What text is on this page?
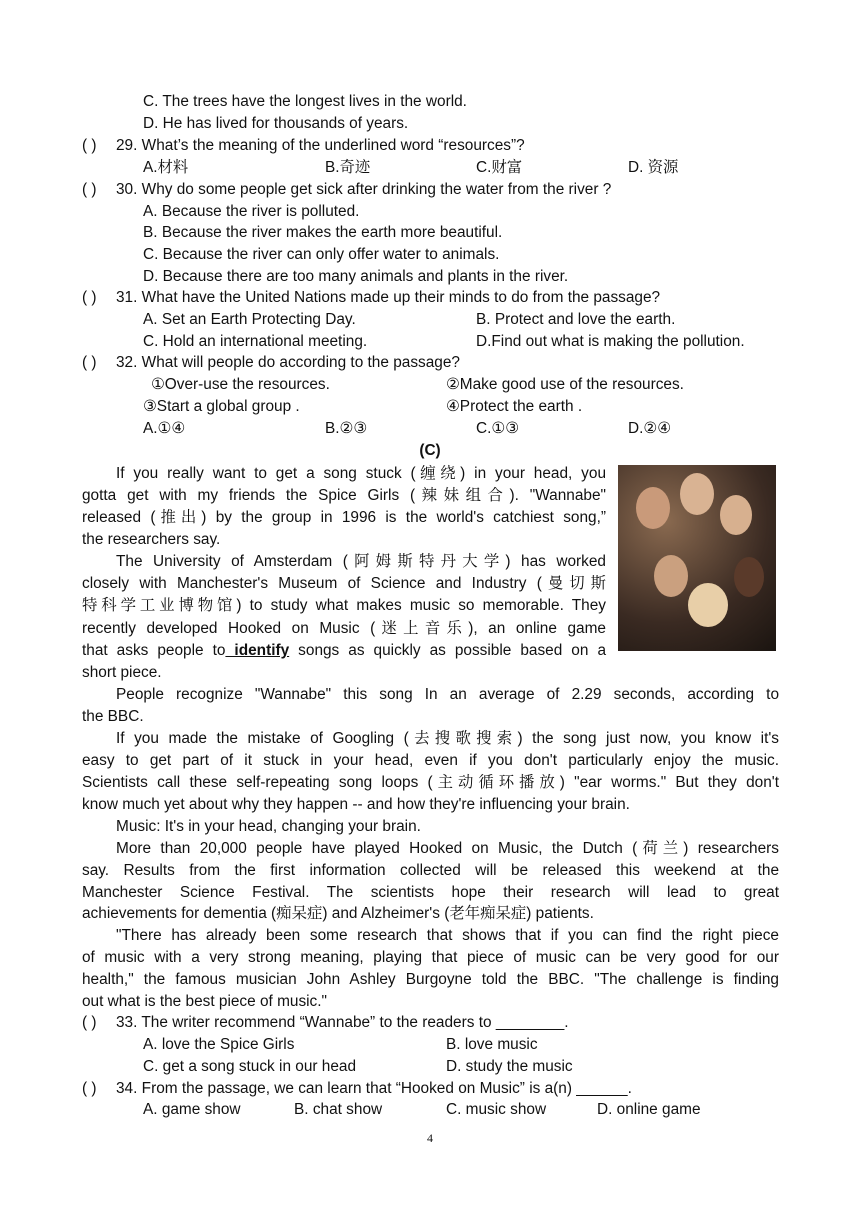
C. The trees have the longest lives in the world.
D. He has lived for thousands of years.
( ) 29. What’s the meaning of the underlined word “resources”?
A.材料	B.奇迹	C.财富	D. 资源
( ) 30. Why do some people get sick after drinking the water from the river ?
A. Because the river is polluted.
B. Because the river makes the earth more beautiful.
C. Because the river can only offer water to animals.
D. Because there are too many animals and plants in the river.
( ) 31. What have the United Nations made up their minds to do from the passage?
A. Set an Earth Protecting Day.	B. Protect and love the earth.
C. Hold an international meeting.	D.Find out what is making the pollution.
( ) 32. What will people do according to the passage?
①Over-use the resources.	②Make good use of the resources.
③Start a global group .	④Protect the earth .
A.①④	B.②③	C.①③	D.②④
(C)
If you really want to get a song stuck (缠绕) in your head, you
gotta get with my friends the Spice Girls (辣妹组合). "Wannabe"
released (推出) by the group in 1996 is the world's catchiest song,”
the researchers say.
The University of Amsterdam (阿姆斯特丹大学) has worked
closely with Manchester's Museum of Science and Industry (曼切斯
特科学工业博物馆) to study what makes music so memorable. They
recently developed Hooked on Music (迷上音乐), an online game
that asks people to identify songs as quickly as possible based on a
short piece.
People recognize "Wannabe" this song In an average of 2.29 seconds, according to
the BBC.
If you made the mistake of Googling (去搜歌搜索) the song just now, you know it's
easy to get part of it stuck in your head, even if you don't particularly enjoy the music.
Scientists call these self-repeating song loops (主动循环播放) "ear worms." But they don't
know much yet about why they happen -- and how they're influencing your brain.
Music: It's in your head, changing your brain.
More than 20,000 people have played Hooked on Music, the Dutch (荷兰) researchers
say. Results from the first information collected will be released this weekend at the
Manchester Science Festival. The scientists hope their research will lead to great
achievements for dementia (痴呆症) and Alzheimer's (老年痴呆症) patients.
"There has already been some research that shows that if you can find the right piece
of music with a very strong meaning, playing that piece of music can be very good for our
health," the famous musician John Ashley Burgoyne told the BBC. "The challenge is finding
out what is the best piece of music."
( ) 33. The writer recommend “Wannabe” to the readers to ________.
A. love the Spice Girls	B. love music
C. get a song stuck in our head	D. study the music
( ) 34. From the passage, we can learn that “Hooked on Music” is a(n) ______.
A. game show	B. chat show	C. music show	D. online game
4
